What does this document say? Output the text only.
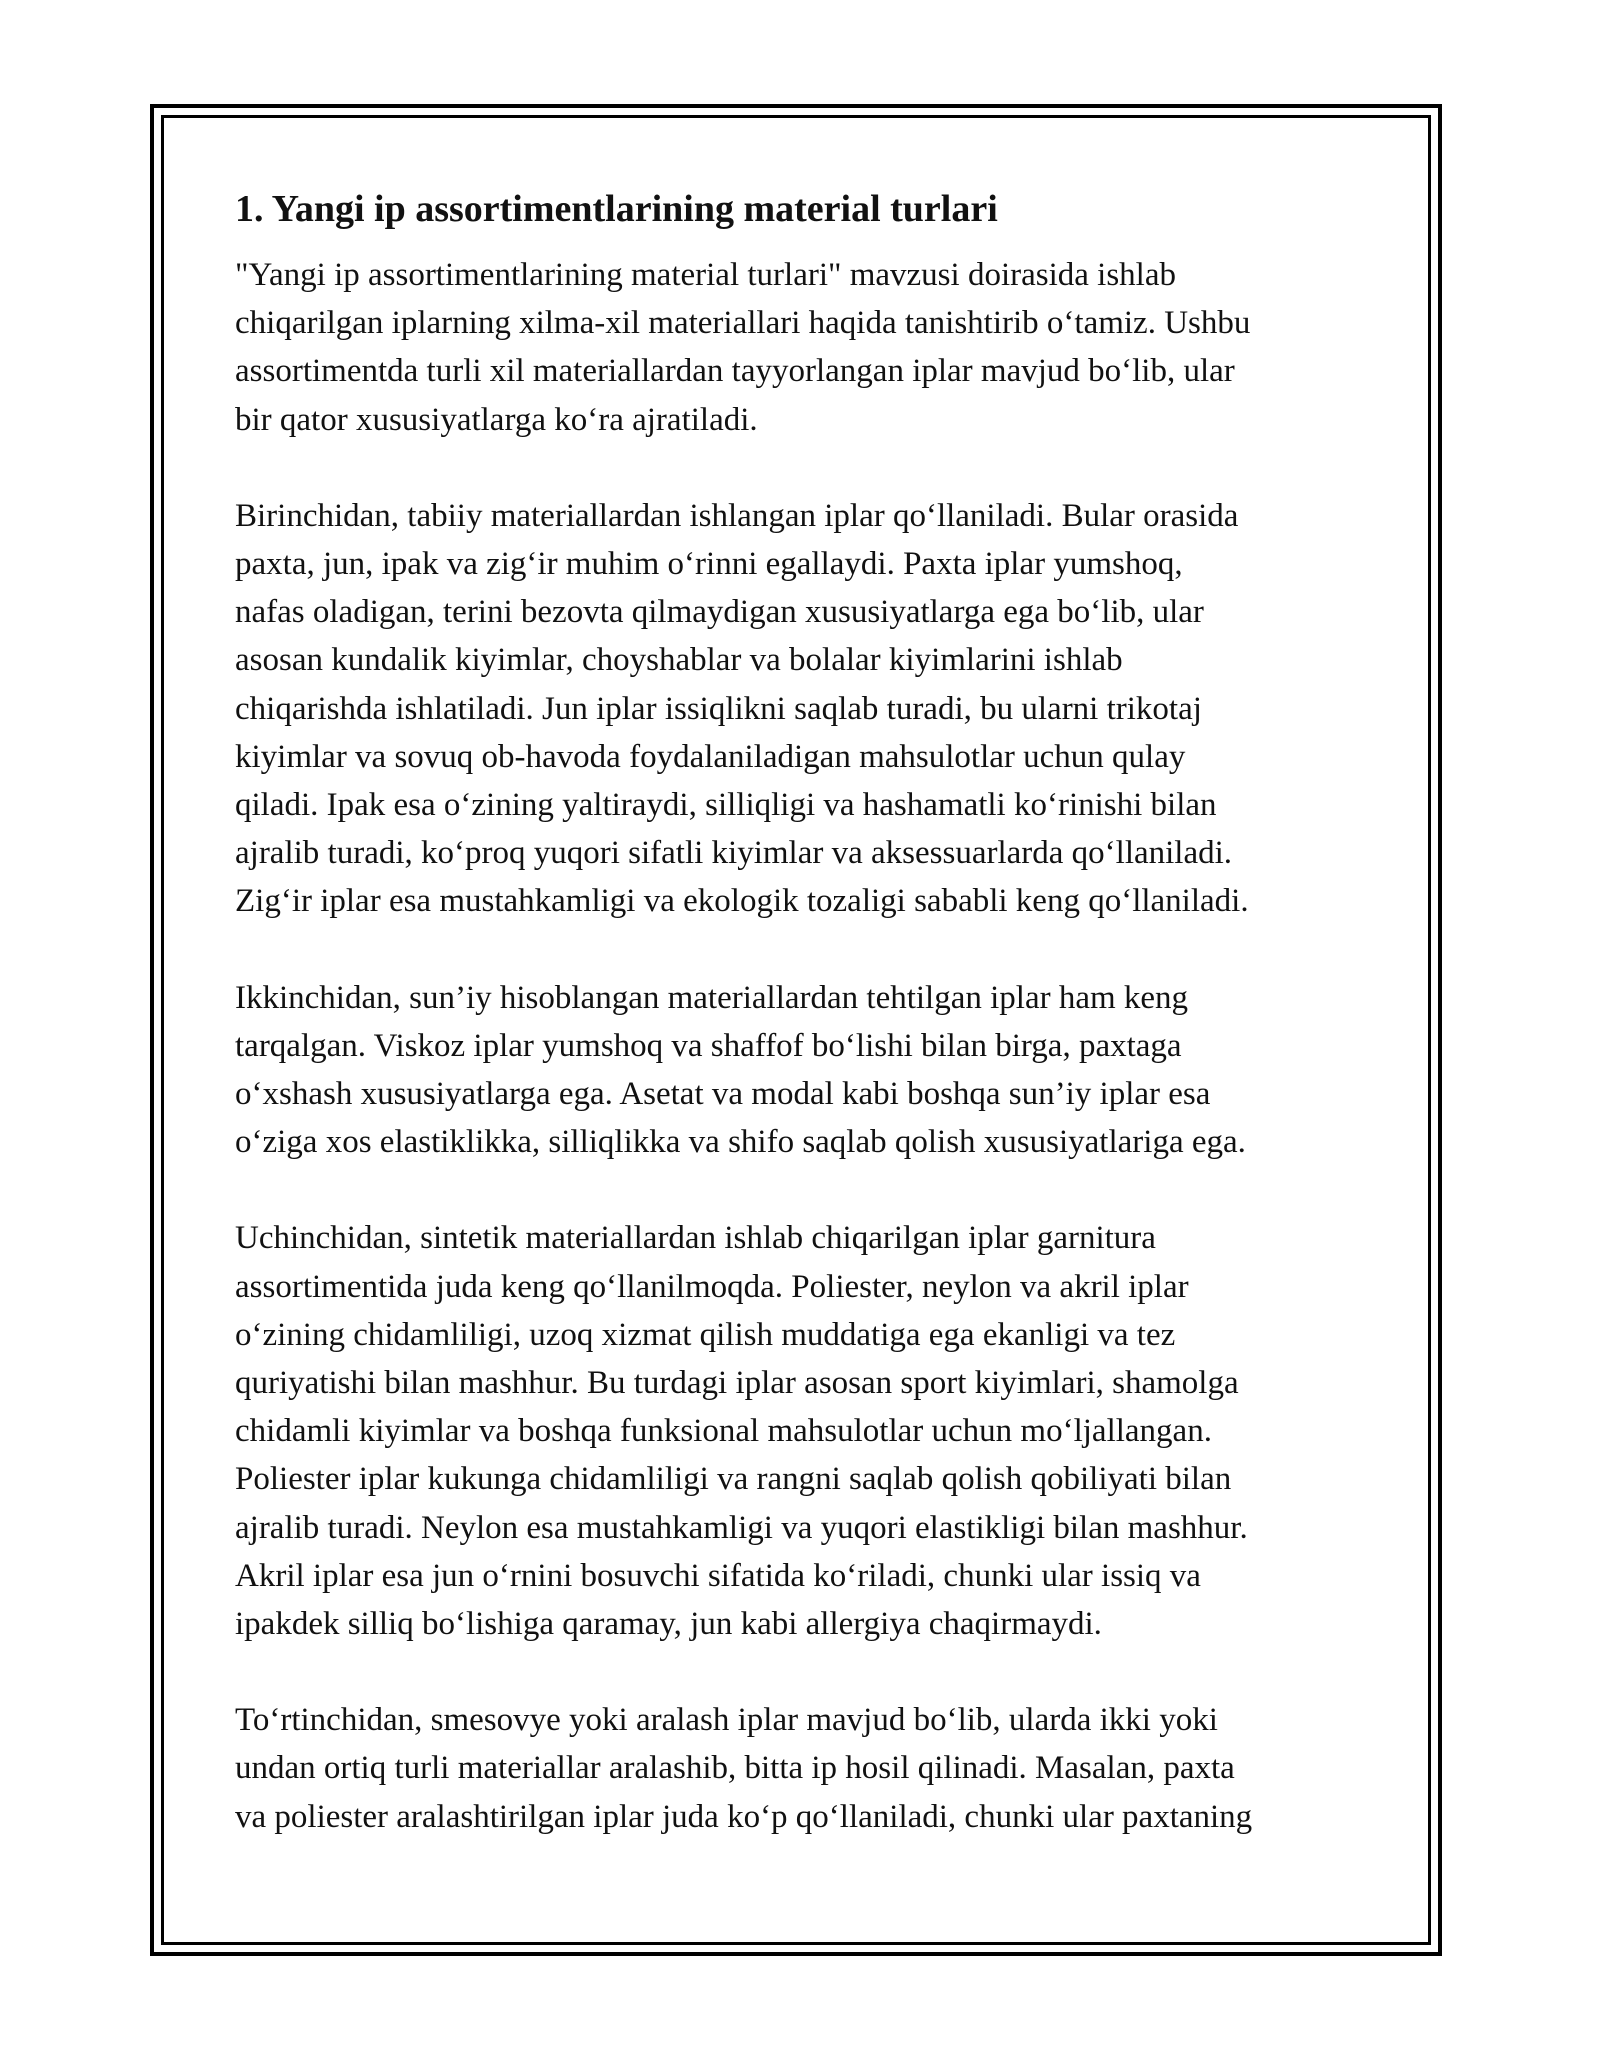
1. Yangi ip assortimentlarining material turlari

"Yangi ip assortimentlarining material turlari" mavzusi doirasida ishlab
chiqarilgan iplarning xilma-xil materiallari haqida tanishtirib o‘tamiz. Ushbu
assortimentda turli xil materiallardan tayyorlangan iplar mavjud bo‘lib, ular
bir qator xususiyatlarga ko‘ra ajratiladi.

Birinchidan, tabiiy materiallardan ishlangan iplar qo‘llaniladi. Bular orasida
paxta, jun, ipak va zig‘ir muhim o‘rinni egallaydi. Paxta iplar yumshoq,
nafas oladigan, terini bezovta qilmaydigan xususiyatlarga ega bo‘lib, ular
asosan kundalik kiyimlar, choyshablar va bolalar kiyimlarini ishlab
chiqarishda ishlatiladi. Jun iplar issiqlikni saqlab turadi, bu ularni trikotaj
kiyimlar va sovuq ob-havoda foydalaniladigan mahsulotlar uchun qulay
qiladi. Ipak esa o‘zining yaltiraydi, silliqligi va hashamatli ko‘rinishi bilan
ajralib turadi, ko‘proq yuqori sifatli kiyimlar va aksessuarlarda qo‘llaniladi.
Zig‘ir iplar esa mustahkamligi va ekologik tozaligi sababli keng qo‘llaniladi.

Ikkinchidan, sun’iy hisoblangan materiallardan tehtilgan iplar ham keng
tarqalgan. Viskoz iplar yumshoq va shaffof bo‘lishi bilan birga, paxtaga
o‘xshash xususiyatlarga ega. Asetat va modal kabi boshqa sun’iy iplar esa
o‘ziga xos elastiklikka, silliqlikka va shifo saqlab qolish xususiyatlariga ega.

Uchinchidan, sintetik materiallardan ishlab chiqarilgan iplar garnitura
assortimentida juda keng qo‘llanilmoqda. Poliester, neylon va akril iplar
o‘zining chidamliligi, uzoq xizmat qilish muddatiga ega ekanligi va tez
quriyatishi bilan mashhur. Bu turdagi iplar asosan sport kiyimlari, shamolga
chidamli kiyimlar va boshqa funksional mahsulotlar uchun mo‘ljallangan.
Poliester iplar kukunga chidamliligi va rangni saqlab qolish qobiliyati bilan
ajralib turadi. Neylon esa mustahkamligi va yuqori elastikligi bilan mashhur.
Akril iplar esa jun o‘rnini bosuvchi sifatida ko‘riladi, chunki ular issiq va
ipakdek silliq bo‘lishiga qaramay, jun kabi allergiya chaqirmaydi.

To‘rtinchidan, smesovye yoki aralash iplar mavjud bo‘lib, ularda ikki yoki
undan ortiq turli materiallar aralashib, bitta ip hosil qilinadi. Masalan, paxta
va poliester aralashtirilgan iplar juda ko‘p qo‘llaniladi, chunki ular paxtaning
